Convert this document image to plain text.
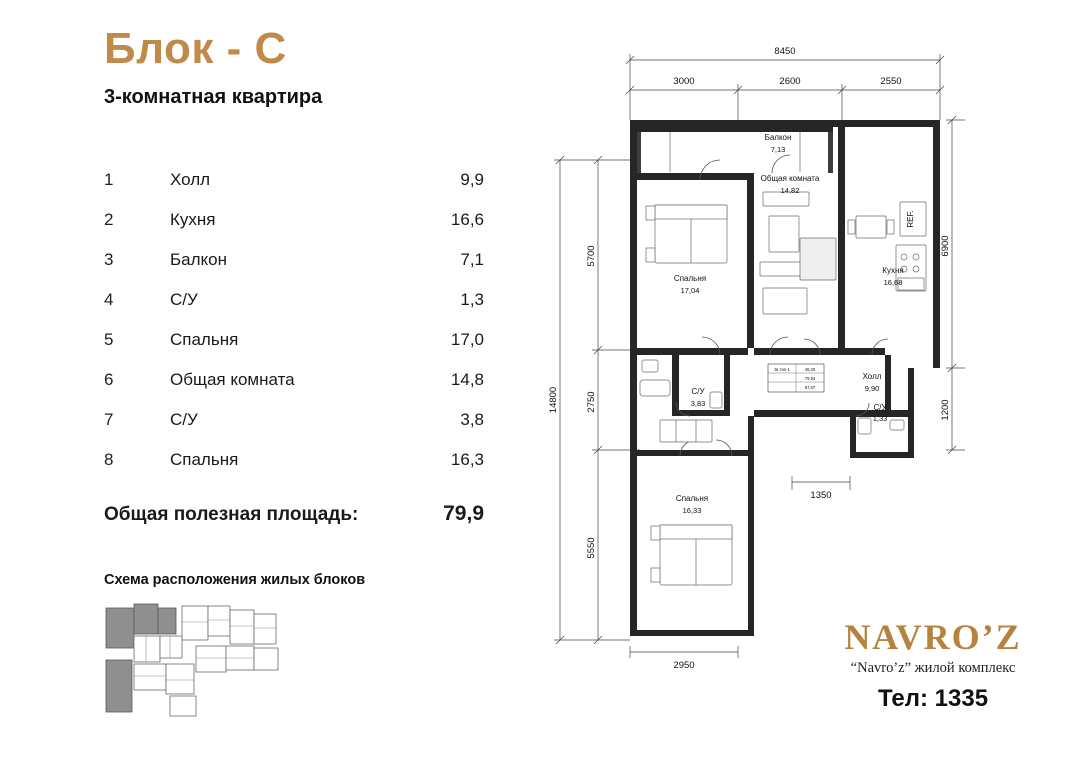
Блок - С
3-комнатная квартира
1	Холл	9,9
2	Кухня	16,6
3	Балкон	7,1
4	С/У	1,3
5	Спальня	17,0
6	Общая комната	14,8
7	С/У	3,8
8	Спальня	16,3
Общая полезная площадь:	79,9
Схема расположения жилых блоков
NAVRO’Z
“Navro’z” жилой комплекс
Тел: 1335
8450
3000	2600	2550
14800
5700
2750
5550
6900
1200
1350
2950
3к тип-1	46,20
79,94
87,07
REF.
Балкон
7,13
Общая комната
14,82
Спальня
17,04
Кухня
16,68
С/У
3,83
Холл
9,90
С/У
1,33
Спальня
16,33
